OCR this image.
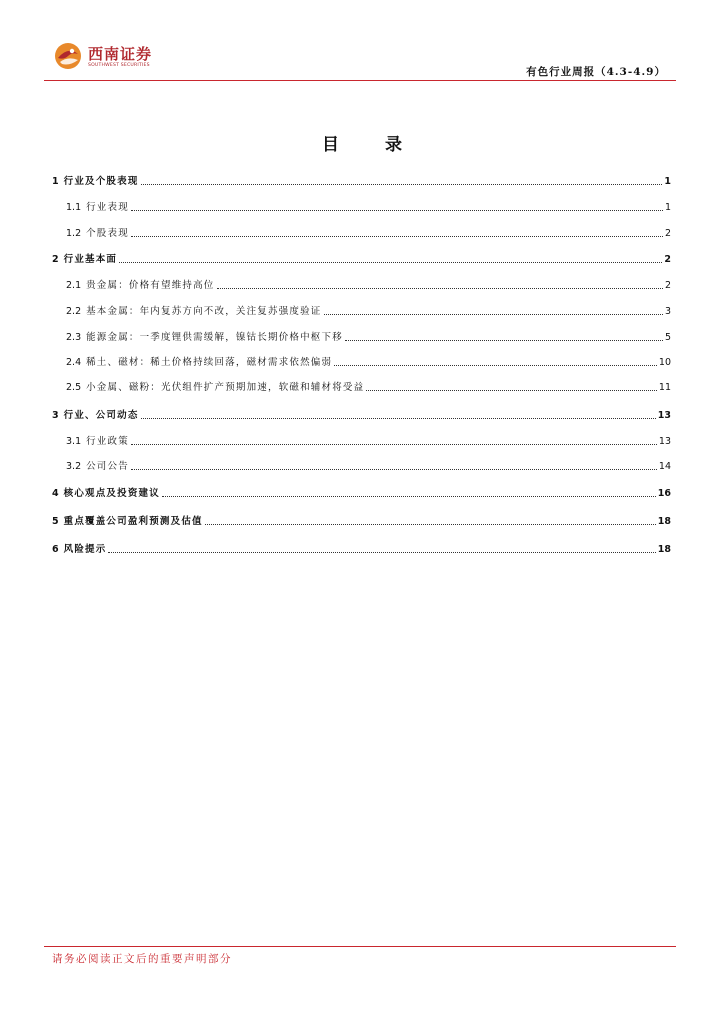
西南证券
SOUTHWEST SECURITIES
有色行业周报（4.3-4.9）
目 录
1 行业及个股表现	1
1.1 行业表现	1
1.2 个股表现	2
2 行业基本面	2
2.1 贵金属：价格有望维持高位	2
2.2 基本金属：年内复苏方向不改，关注复苏强度验证	3
2.3 能源金属：一季度锂供需缓解，镍钴长期价格中枢下移	5
2.4 稀土、磁材：稀土价格持续回落，磁材需求依然偏弱	10
2.5 小金属、磁粉：光伏组件扩产预期加速，软磁和辅材将受益	11
3 行业、公司动态	13
3.1 行业政策	13
3.2 公司公告	14
4 核心观点及投资建议	16
5 重点覆盖公司盈利预测及估值	18
6 风险提示	18
请务必阅读正文后的重要声明部分
